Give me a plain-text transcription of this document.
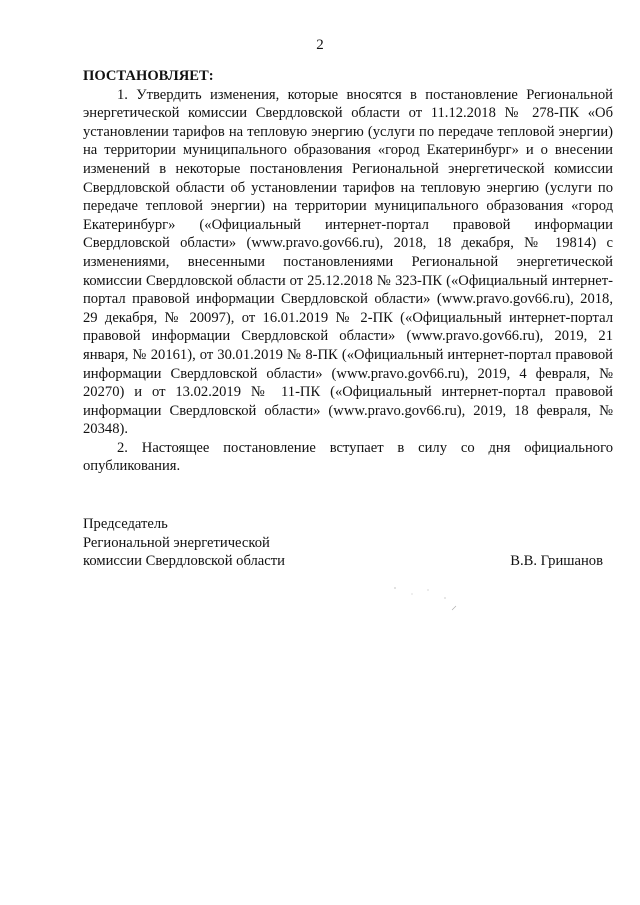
2

ПОСТАНОВЛЯЕТ:

1. Утвердить изменения, которые вносятся в постановление Региональной энергетической комиссии Свердловской области от 11.12.2018 № 278-ПК «Об установлении тарифов на тепловую энергию (услуги по передаче тепловой энергии) на территории муниципального образования «город Екатеринбург» и о внесении изменений в некоторые постановления Региональной энергетической комиссии Свердловской области об установлении тарифов на тепловую энергию (услуги по передаче тепловой энергии) на территории муниципального образования «город Екатеринбург» («Официальный интернет-портал правовой информации Свердловской области» (www.pravo.gov66.ru), 2018, 18 декабря, № 19814) с изменениями, внесенными постановлениями Региональной энергетической комиссии Свердловской области от 25.12.2018 № 323-ПК («Официальный интернет-портал правовой информации Свердловской области» (www.pravo.gov66.ru), 2018, 29 декабря, № 20097), от 16.01.2019 № 2-ПК («Официальный интернет-портал правовой информации Свердловской области» (www.pravo.gov66.ru), 2019, 21 января, № 20161), от 30.01.2019 № 8-ПК («Официальный интернет-портал правовой информации Свердловской области» (www.pravo.gov66.ru), 2019, 4 февраля, № 20270) и от 13.02.2019 № 11-ПК («Официальный интернет-портал правовой информации Свердловской области» (www.pravo.gov66.ru), 2019, 18 февраля, № 20348).

2. Настоящее постановление вступает в силу со дня официального опубликования.

Председатель
Региональной энергетической
комиссии Свердловской области	В.В. Гришанов
